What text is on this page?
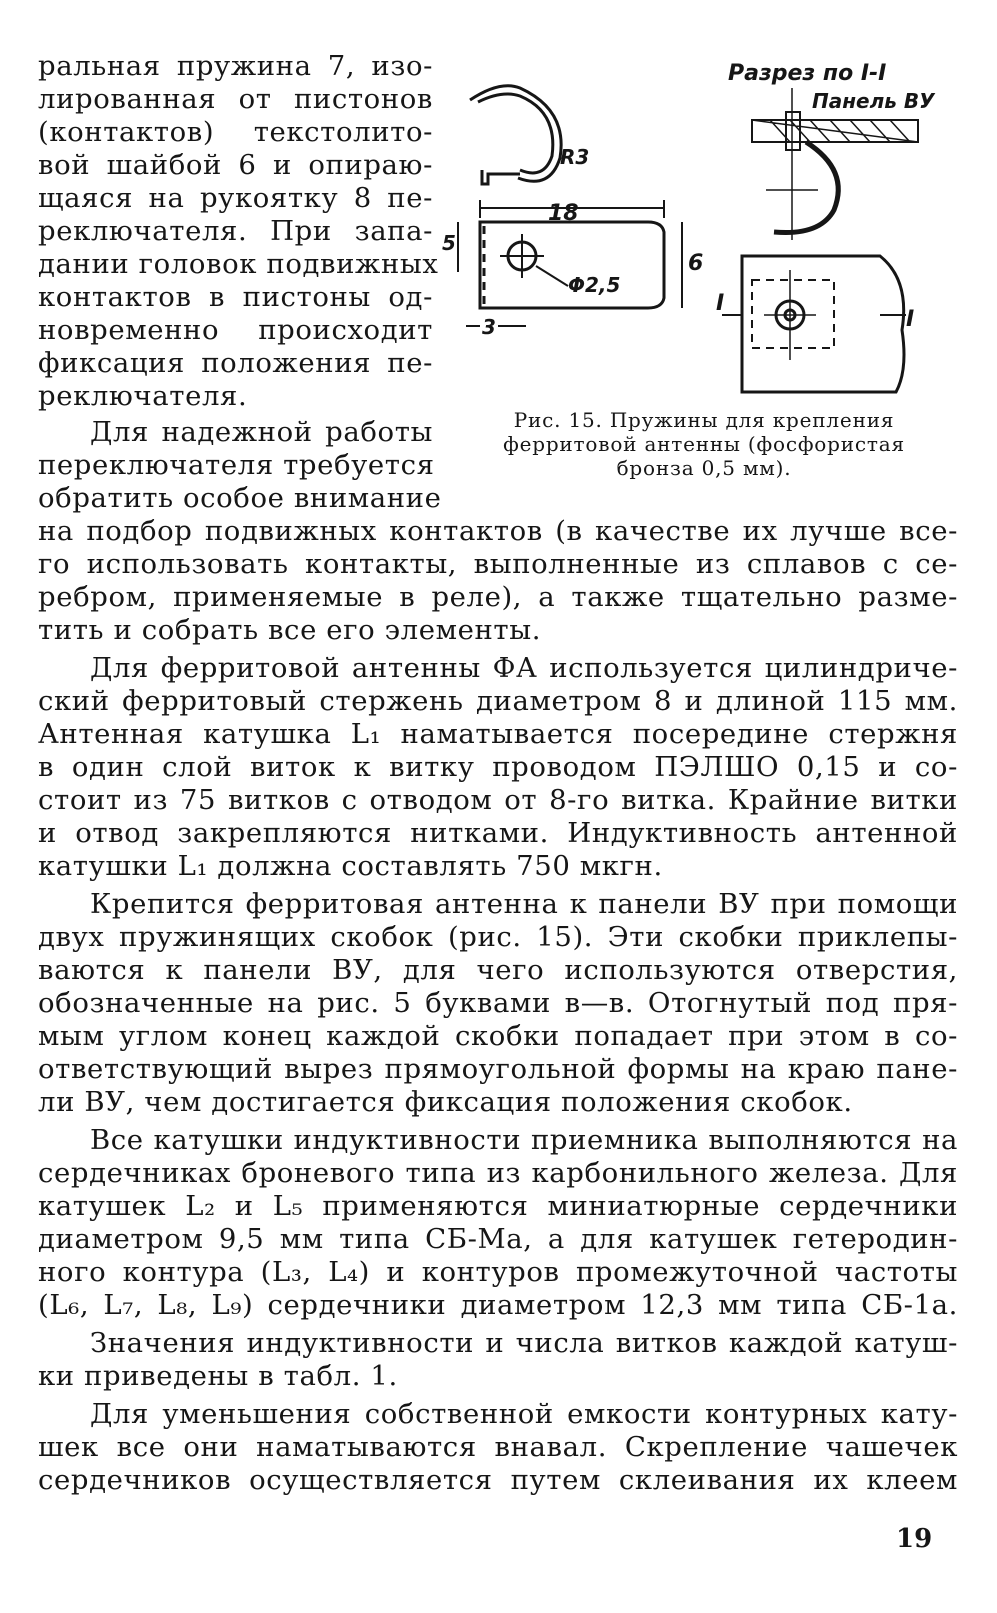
ральная пружина 7, изо-
лированная от пистонов
(контактов) текстолито-
вой шайбой 6 и опираю-
щаяся на рукоятку 8 пе-
реключателя. При запа-
дании головок подвижных
контактов в пистоны од-
новременно происходит
фиксация положения пе-
реключателя.
Для надежной работы
переключателя требуется
обратить особое внимание
Разрез по I-I
Панель ВУ
R3
18
5
6
Φ2,5
3
I
I
Рис. 15. Пружины для крепления
ферритовой антенны (фосфористая
бронза 0,5 мм).
на подбор подвижных контактов (в качестве их лучше все-
го использовать контакты, выполненные из сплавов с се-
ребром, применяемые в реле), а также тщательно разме-
тить и собрать все его элементы.
Для ферритовой антенны ФА используется цилиндриче-
ский ферритовый стержень диаметром 8 и длиной 115 мм.
Антенная катушка L₁ наматывается посередине стержня
в один слой виток к витку проводом ПЭЛШО 0,15 и со-
стоит из 75 витков с отводом от 8-го витка. Крайние витки
и отвод закрепляются нитками. Индуктивность антенной
катушки L₁ должна составлять 750 мкгн.
Крепится ферритовая антенна к панели ВУ при помощи
двух пружинящих скобок (рис. 15). Эти скобки приклепы-
ваются к панели ВУ, для чего используются отверстия,
обозначенные на рис. 5 буквами в—в. Отогнутый под пря-
мым углом конец каждой скобки попадает при этом в со-
ответствующий вырез прямоугольной формы на краю пане-
ли ВУ, чем достигается фиксация положения скобок.
Все катушки индуктивности приемника выполняются на
сердечниках броневого типа из карбонильного железа. Для
катушек L₂ и L₅ применяются миниатюрные сердечники
диаметром 9,5 мм типа СБ-Ма, а для катушек гетеродин-
ного контура (L₃, L₄) и контуров промежуточной частоты
(L₆, L₇, L₈, L₉) сердечники диаметром 12,3 мм типа СБ-1а.
Значения индуктивности и числа витков каждой катуш-
ки приведены в табл. 1.
Для уменьшения собственной емкости контурных кату-
шек все они наматываются внавал. Скрепление чашечек
сердечников осуществляется путем склеивания их клеем
19
